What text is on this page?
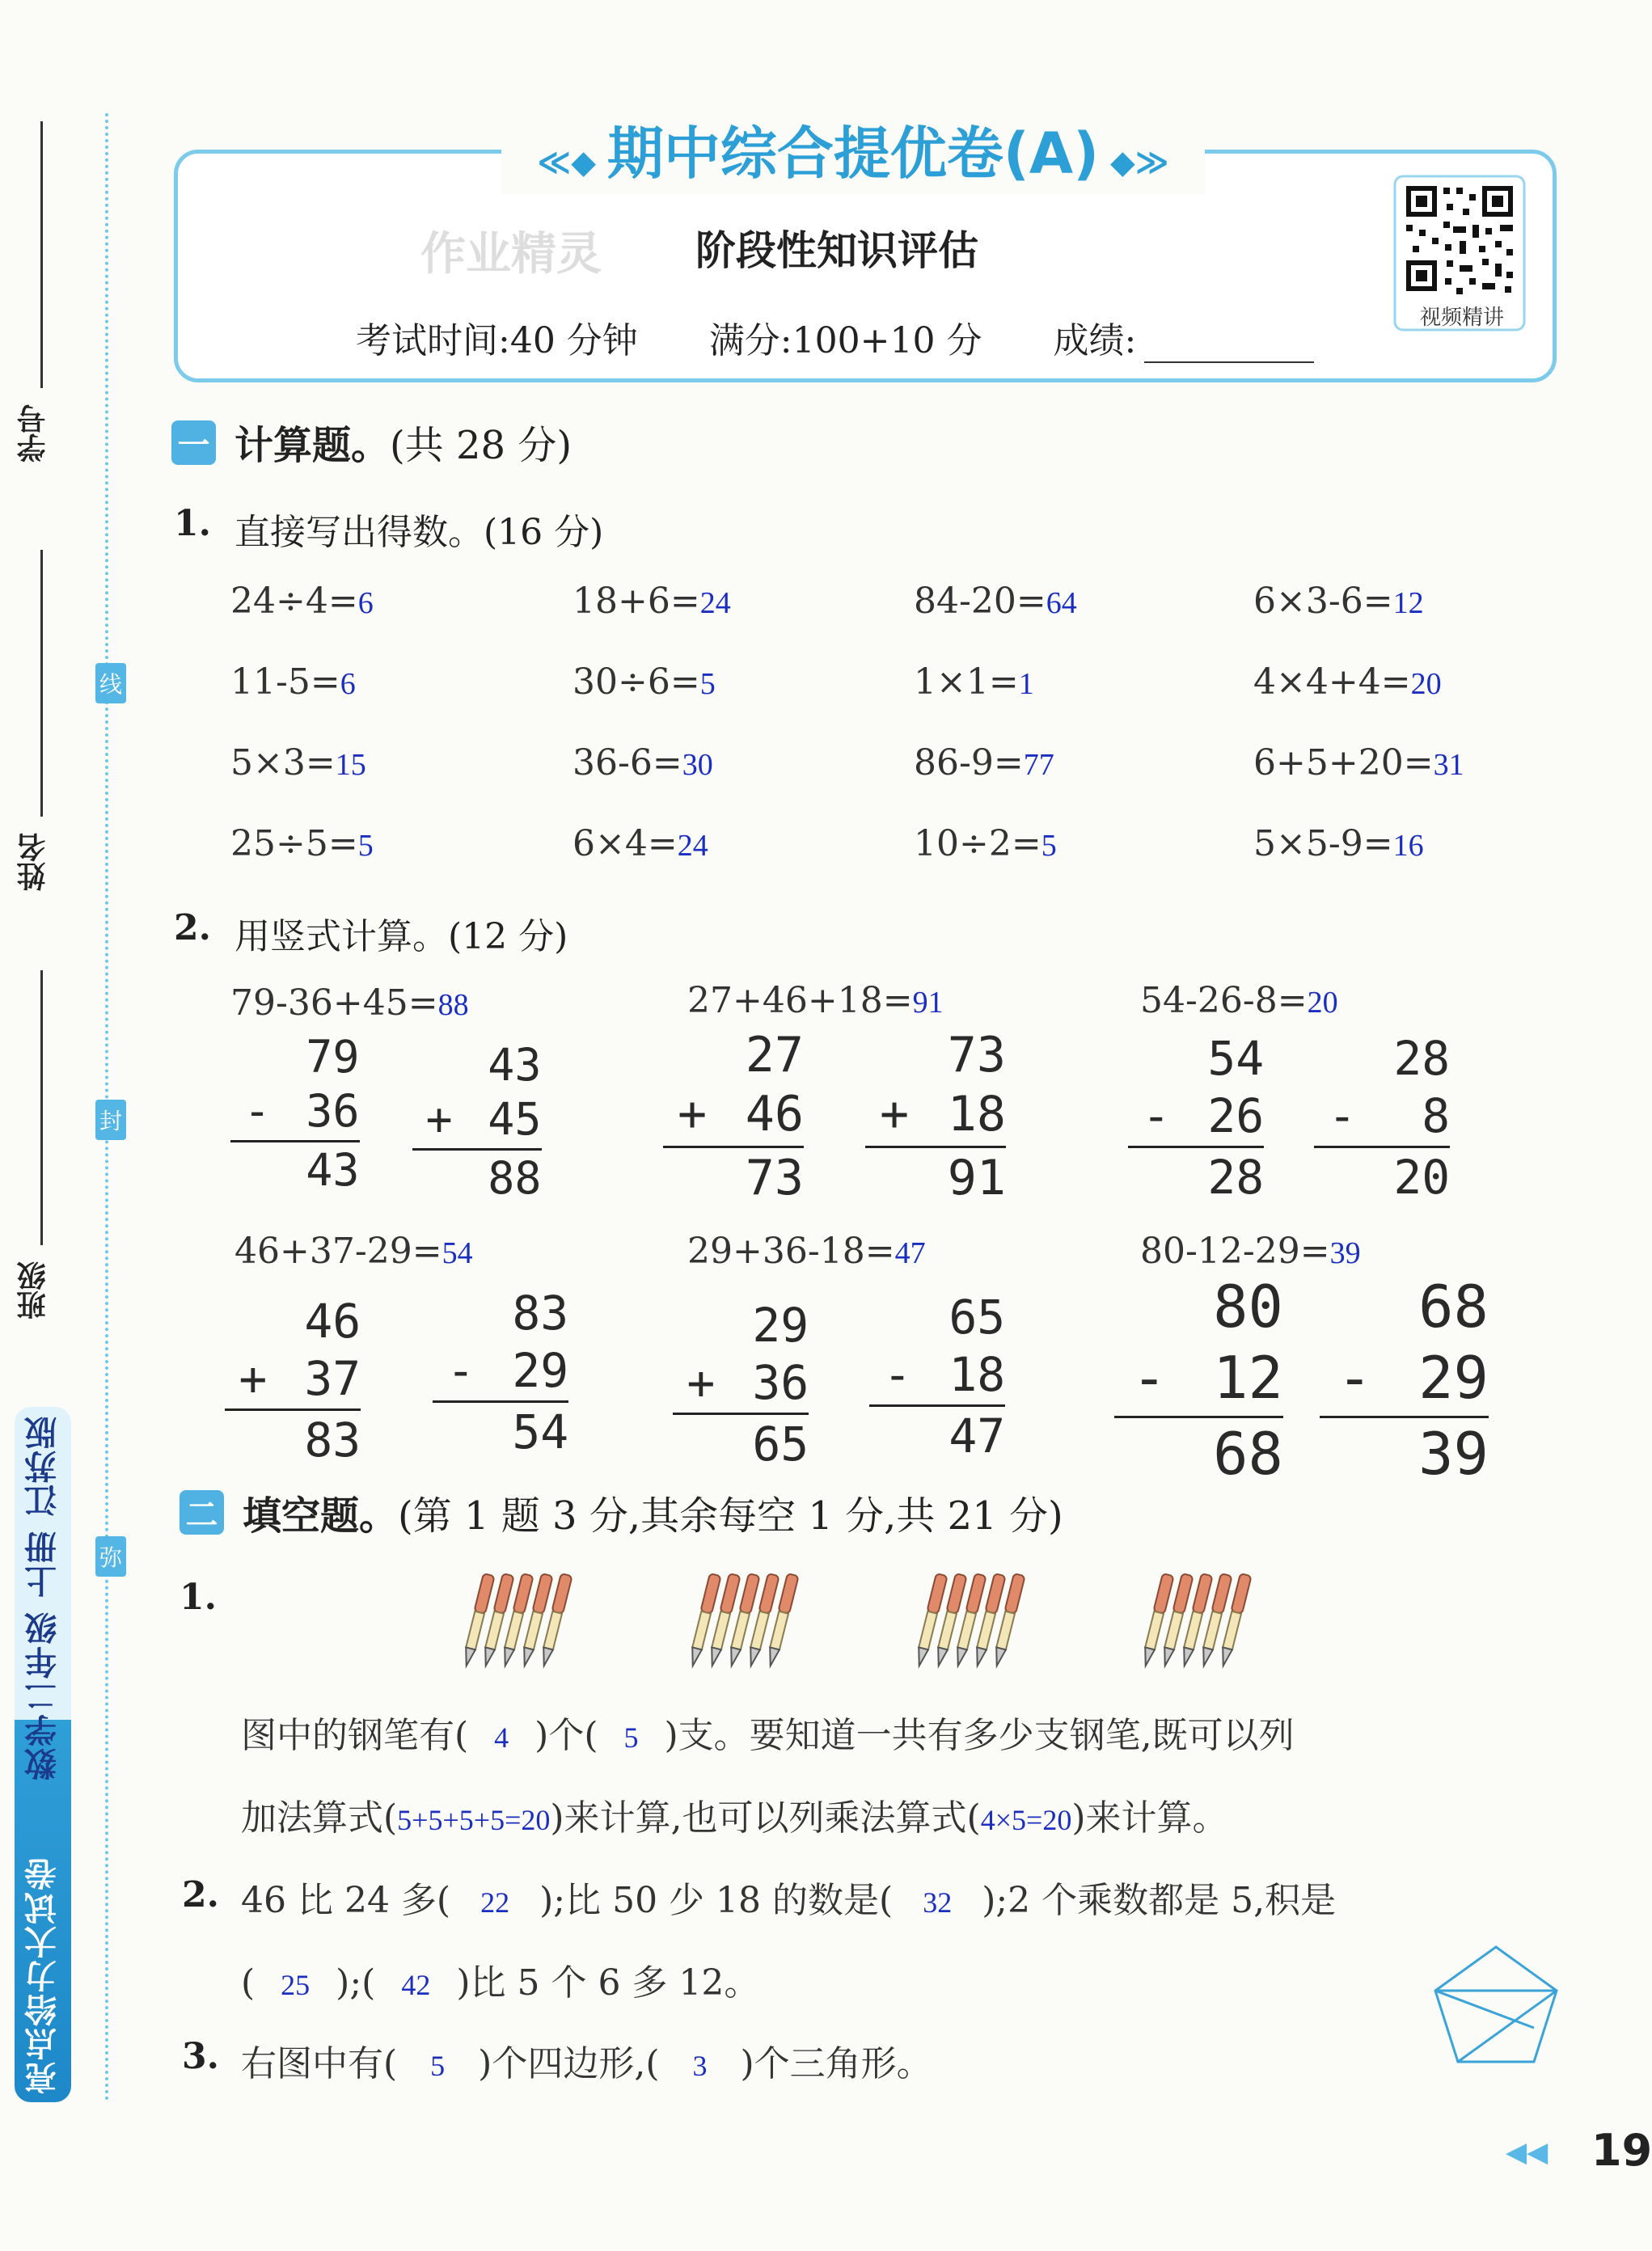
学号
姓名
班级
线
封
弥
亮点给力大试卷
数学二年级 上册 江苏版
≪◆ 期中综合提优卷(A) ◆≫
作业精灵 阶段性知识评估
考试时间:40 分钟 满分:100+10 分 成绩:
视频精讲
一 计算题。(共 28 分)
1. 直接写出得数。(16 分)
24÷4=6	18+6=24	84-20=64	6×3-6=12
11-5=6	30÷6=5	1×1=1	4×4+4=20
5×3=15	36-6=30	86-9=77	6+5+20=31
25÷5=5	6×4=24	10÷2=5	5×5-9=16
2. 用竖式计算。(12 分)
79-36+45=88
79
- 36
43
43
+ 45
88
27+46+18=91
27
+ 46
73
73
+ 18
91
54-26-8=20
54
- 26
28
28
- 8
20
46+37-29=54
46
+ 37
83
83
- 29
54
29+36-18=47
29
+ 36
65
65
- 18
47
80-12-29=39
80
- 12
68
68
- 29
39
二 填空题。(第 1 题 3 分,其余每空 1 分,共 21 分)
1.
图中的钢笔有( 4 )个( 5 )支。要知道一共有多少支钢笔,既可以列
加法算式(5+5+5+5=20)来计算,也可以列乘法算式(4×5=20)来计算。
2. 46 比 24 多( 22 );比 50 少 18 的数是( 32 );2 个乘数都是 5,积是
( 25 );( 42 )比 5 个 6 多 12。
3. 右图中有( 5 )个四边形,( 3 )个三角形。
◀◀ 19
